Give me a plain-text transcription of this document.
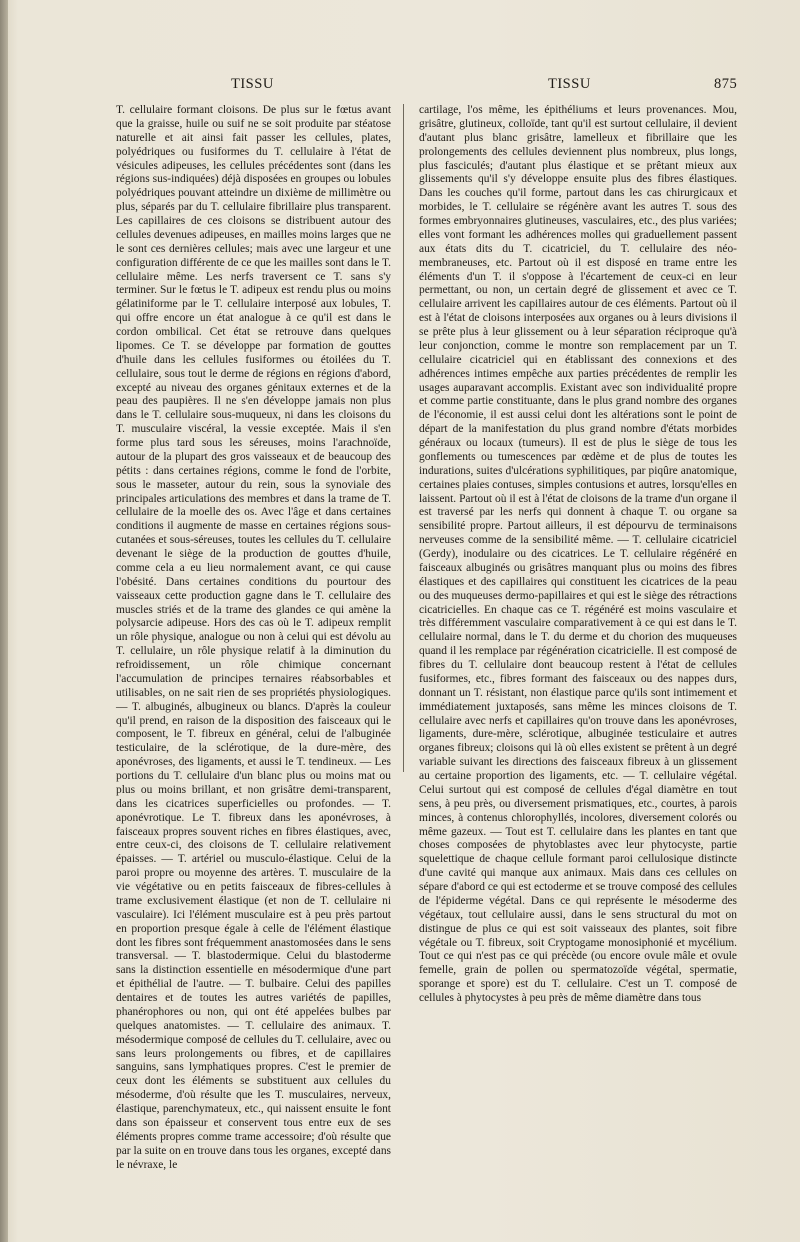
TISSU	TISSU	875

T. cellulaire formant cloisons. De plus sur le fœtus avant que la graisse, huile ou suif ne se soit produite par stéatose naturelle et ait ainsi fait passer les cellules, plates, polyédriques ou fusiformes du T. cellulaire à l'état de vésicules adipeuses, les cellules précédentes sont (dans les régions sus-indiquées) déjà disposées en groupes ou lobules polyédriques pouvant atteindre un dixième de millimètre ou plus, séparés par du T. cellulaire fibrillaire plus transparent. Les capillaires de ces cloisons se distribuent autour des cellules devenues adipeuses, en mailles moins larges que ne le sont ces dernières cellules; mais avec une largeur et une configuration différente de ce que les mailles sont dans le T. cellulaire même. Les nerfs traversent ce T. sans s'y terminer. Sur le fœtus le T. adipeux est rendu plus ou moins gélatiniforme par le T. cellulaire interposé aux lobules, T. qui offre encore un état analogue à ce qu'il est dans le cordon ombilical. Cet état se retrouve dans quelques lipomes. Ce T. se développe par formation de gouttes d'huile dans les cellules fusiformes ou étoilées du T. cellulaire, sous tout le derme de régions en régions d'abord, excepté au niveau des organes génitaux externes et de la peau des paupières. Il ne s'en développe jamais non plus dans le T. cellulaire sous-muqueux, ni dans les cloisons du T. musculaire viscéral, la vessie exceptée. Mais il s'en forme plus tard sous les séreuses, moins l'arachnoïde, autour de la plupart des gros vaisseaux et de beaucoup des pétits : dans certaines régions, comme le fond de l'orbite, sous le masseter, autour du rein, sous la synoviale des principales articulations des membres et dans la trame de T. cellulaire de la moelle des os. Avec l'âge et dans certaines conditions il augmente de masse en certaines régions sous-cutanées et sous-séreuses, toutes les cellules du T. cellulaire devenant le siège de la production de gouttes d'huile, comme cela a eu lieu normalement avant, ce qui cause l'obésité. Dans certaines conditions du pourtour des vaisseaux cette production gagne dans le T. cellulaire des muscles striés et de la trame des glandes ce qui amène la polysarcie adipeuse. Hors des cas où le T. adipeux remplit un rôle physique, analogue ou non à celui qui est dévolu au T. cellulaire, un rôle physique relatif à la diminution du refroidissement, un rôle chimique concernant l'accumulation de principes ternaires réabsorbables et utilisables, on ne sait rien de ses propriétés physiologiques. — T. albuginés, albugineux ou blancs. D'après la couleur qu'il prend, en raison de la disposition des faisceaux qui le composent, le T. fibreux en général, celui de l'albuginée testiculaire, de la sclérotique, de la dure-mère, des aponévroses, des ligaments, et aussi le T. tendineux. — Les portions du T. cellulaire d'un blanc plus ou moins mat ou plus ou moins brillant, et non grisâtre demi-transparent, dans les cicatrices superficielles ou profondes. — T. aponévrotique. Le T. fibreux dans les aponévroses, à faisceaux propres souvent riches en fibres élastiques, avec, entre ceux-ci, des cloisons de T. cellulaire relativement épaisses. — T. artériel ou musculo-élastique. Celui de la paroi propre ou moyenne des artères. T. musculaire de la vie végétative ou en petits faisceaux de fibres-cellules à trame exclusivement élastique (et non de T. cellulaire ni vasculaire). Ici l'élément musculaire est à peu près partout en proportion presque égale à celle de l'élément élastique dont les fibres sont fréquemment anastomosées dans le sens transversal. — T. blastodermique. Celui du blastoderme sans la distinction essentielle en mésodermique d'une part et épithélial de l'autre. — T. bulbaire. Celui des papilles dentaires et de toutes les autres variétés de papilles, phanérophores ou non, qui ont été appelées bulbes par quelques anatomistes. — T. cellulaire des animaux. T. mésodermique composé de cellules du T. cellulaire, avec ou sans leurs prolongements ou fibres, et de capillaires sanguins, sans lymphatiques propres. C'est le premier de ceux dont les éléments se substituent aux cellules du mésoderme, d'où résulte que les T. musculaires, nerveux, élastique, parenchymateux, etc., qui naissent ensuite le font dans son épaisseur et conservent tous entre eux de ses éléments propres comme trame accessoire; d'où résulte que par la suite on en trouve dans tous les organes, excepté dans le névraxe, le

cartilage, l'os même, les épithéliums et leurs provenances. Mou, grisâtre, glutineux, colloïde, tant qu'il est surtout cellulaire, il devient d'autant plus blanc grisâtre, lamelleux et fibrillaire que les prolongements des cellules deviennent plus nombreux, plus longs, plus fasciculés; d'autant plus élastique et se prêtant mieux aux glissements qu'il s'y développe ensuite plus des fibres élastiques. Dans les couches qu'il forme, partout dans les cas chirurgicaux et morbides, le T. cellulaire se régénère avant les autres T. sous des formes embryonnaires glutineuses, vasculaires, etc., des plus variées; elles vont formant les adhérences molles qui graduellement passent aux états dits du T. cicatriciel, du T. cellulaire des néo-membraneuses, etc. Partout où il est disposé en trame entre les éléments d'un T. il s'oppose à l'écartement de ceux-ci en leur permettant, ou non, un certain degré de glissement et avec ce T. cellulaire arrivent les capillaires autour de ces éléments. Partout où il est à l'état de cloisons interposées aux organes ou à leurs divisions il se prête plus à leur glissement ou à leur séparation réciproque qu'à leur conjonction, comme le montre son remplacement par un T. cellulaire cicatriciel qui en établissant des connexions et des adhérences intimes empêche aux parties précédentes de remplir les usages auparavant accomplis. Existant avec son individualité propre et comme partie constituante, dans le plus grand nombre des organes de l'économie, il est aussi celui dont les altérations sont le point de départ de la manifestation du plus grand nombre d'états morbides généraux ou locaux (tumeurs). Il est de plus le siège de tous les gonflements ou tumescences par œdème et de plus de toutes les indurations, suites d'ulcérations syphilitiques, par piqûre anatomique, certaines plaies contuses, simples contusions et autres, lorsqu'elles en laissent. Partout où il est à l'état de cloisons de la trame d'un organe il est traversé par les nerfs qui donnent à chaque T. ou organe sa sensibilité propre. Partout ailleurs, il est dépourvu de terminaisons nerveuses comme de la sensibilité même. — T. cellulaire cicatriciel (Gerdy), inodulaire ou des cicatrices. Le T. cellulaire régénéré en faisceaux albuginés ou grisâtres manquant plus ou moins des fibres élastiques et des capillaires qui constituent les cicatrices de la peau ou des muqueuses dermo-papillaires et qui est le siège des rétractions cicatricielles. En chaque cas ce T. régénéré est moins vasculaire et très différemment vasculaire comparativement à ce qui est dans le T. cellulaire normal, dans le T. du derme et du chorion des muqueuses quand il les remplace par régénération cicatricielle. Il est composé de fibres du T. cellulaire dont beaucoup restent à l'état de cellules fusiformes, etc., fibres formant des faisceaux ou des nappes durs, donnant un T. résistant, non élastique parce qu'ils sont intimement et immédiatement juxtaposés, sans même les minces cloisons de T. cellulaire avec nerfs et capillaires qu'on trouve dans les aponévroses, ligaments, dure-mère, sclérotique, albuginée testiculaire et autres organes fibreux; cloisons qui là où elles existent se prêtent à un degré variable suivant les directions des faisceaux fibreux à un glissement au certaine proportion des ligaments, etc. — T. cellulaire végétal. Celui surtout qui est composé de cellules d'égal diamètre en tout sens, à peu près, ou diversement prismatiques, etc., courtes, à parois minces, à contenus chlorophyllés, incolores, diversement colorés ou même gazeux. — Tout est T. cellulaire dans les plantes en tant que choses composées de phytoblastes avec leur phytocyste, partie squelettique de chaque cellule formant paroi cellulosique distincte d'une cavité qui manque aux animaux. Mais dans ces cellules on sépare d'abord ce qui est ectoderme et se trouve composé des cellules de l'épiderme végétal. Dans ce qui représente le mésoderme des végétaux, tout cellulaire aussi, dans le sens structural du mot on distingue de plus ce qui est soit vaisseaux des plantes, soit fibre végétale ou T. fibreux, soit Cryptogame monosiphonié et mycélium. Tout ce qui n'est pas ce qui précède (ou encore ovule mâle et ovule femelle, grain de pollen ou spermatozoïde végétal, spermatie, sporange et spore) est du T. cellulaire. C'est un T. composé de cellules à phytocystes à peu près de même diamètre dans tous
